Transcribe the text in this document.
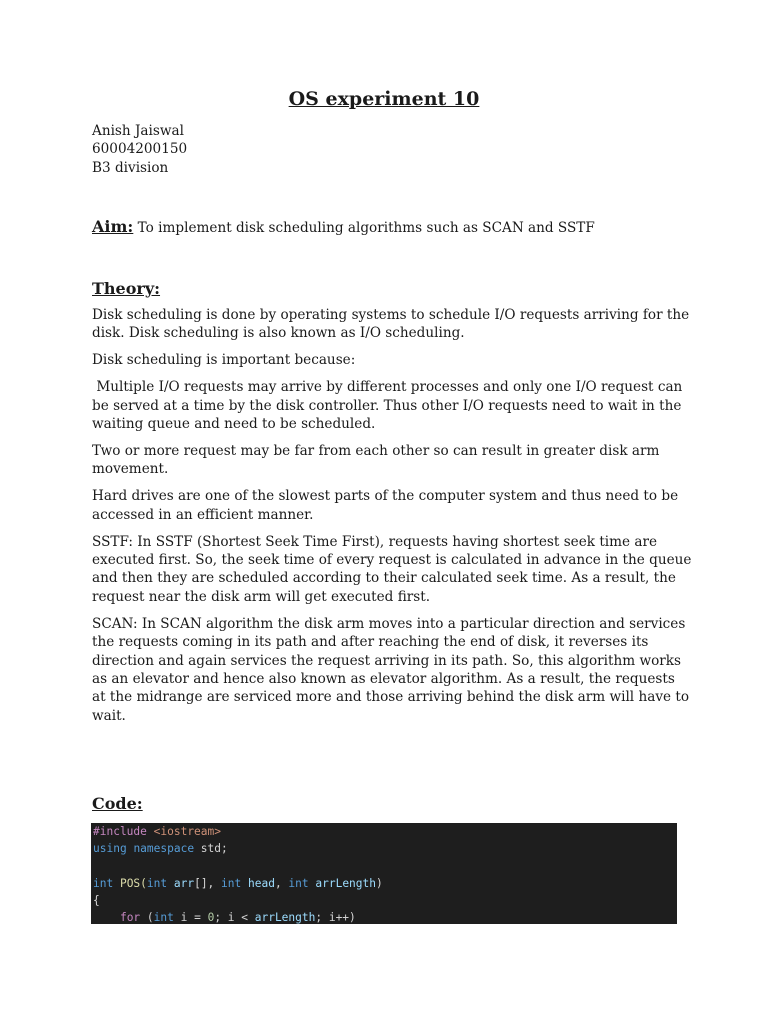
OS experiment 10
Anish Jaiswal
60004200150
B3 division
Aim: To implement disk scheduling algorithms such as SCAN and SSTF
Theory:

Disk scheduling is done by operating systems to schedule I/O requests arriving for the disk. Disk scheduling is also known as I/O scheduling.

Disk scheduling is important because:

Multiple I/O requests may arrive by different processes and only one I/O request can be served at a time by the disk controller. Thus other I/O requests need to wait in the waiting queue and need to be scheduled.

Two or more request may be far from each other so can result in greater disk arm movement.

Hard drives are one of the slowest parts of the computer system and thus need to be accessed in an efficient manner.

SSTF: In SSTF (Shortest Seek Time First), requests having shortest seek time are executed first. So, the seek time of every request is calculated in advance in the queue and then they are scheduled according to their calculated seek time. As a result, the request near the disk arm will get executed first.

SCAN: In SCAN algorithm the disk arm moves into a particular direction and services the requests coming in its path and after reaching the end of disk, it reverses its direction and again services the request arriving in its path. So, this algorithm works as an elevator and hence also known as elevator algorithm. As a result, the requests at the midrange are serviced more and those arriving behind the disk arm will have to wait.

Code:
#include <iostream>
using namespace std;
int POS(int arr[], int head, int arrLength)
{
for (int i = 0; i < arrLength; i++)
